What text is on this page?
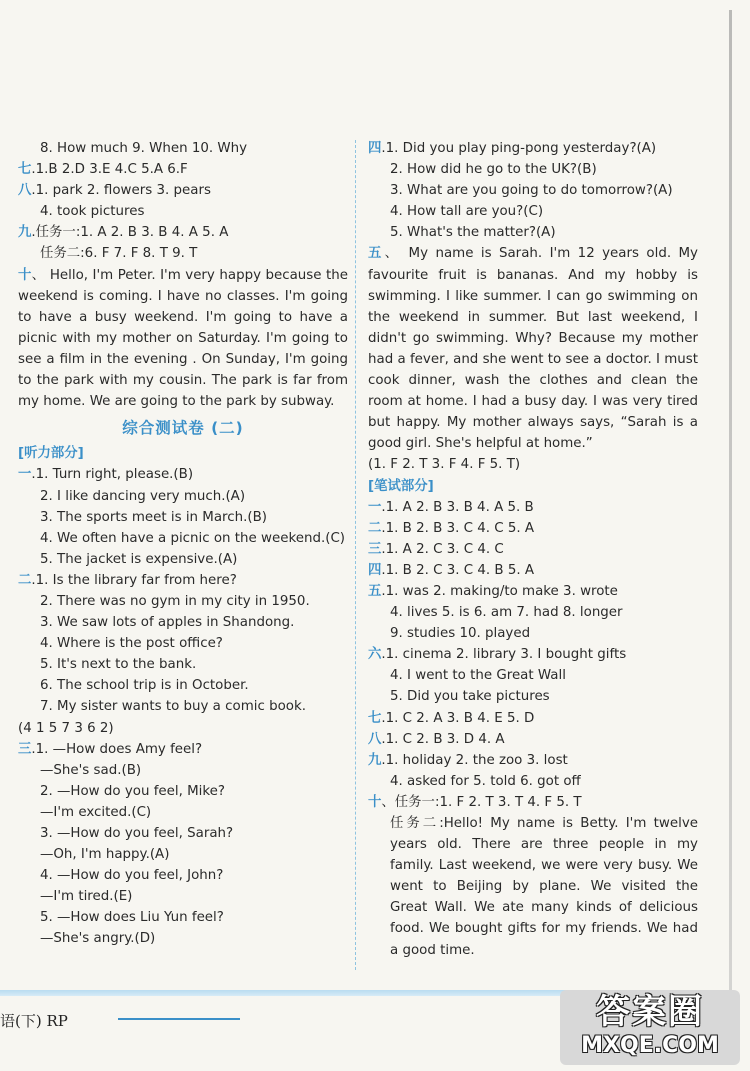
8. How much 9. When 10. Why
七.1.B 2.D 3.E 4.C 5.A 6.F
八.1. park 2. flowers 3. pears
4. took pictures
九.任务一:1. A 2. B 3. B 4. A 5. A
任务二:6. F 7. F 8. T 9. T
十、 Hello, I'm Peter. I'm very happy because the weekend is coming. I have no classes. I'm going to have a busy weekend. I'm going to have a picnic with my mother on Saturday. I'm going to see a film in the evening . On Sunday, I'm going to the park with my cousin. The park is far from my home. We are going to the park by subway.
综合测试卷 (二)
[听力部分]
一.1. Turn right, please.(B)
2. I like dancing very much.(A)
3. The sports meet is in March.(B)
4. We often have a picnic on the weekend.(C)
5. The jacket is expensive.(A)
二.1. Is the library far from here?
2. There was no gym in my city in 1950.
3. We saw lots of apples in Shandong.
4. Where is the post office?
5. It's next to the bank.
6. The school trip is in October.
7. My sister wants to buy a comic book.
(4 1 5 7 3 6 2)
三.1. —How does Amy feel?
—She's sad.(B)
2. —How do you feel, Mike?
—I'm excited.(C)
3. —How do you feel, Sarah?
—Oh, I'm happy.(A)
4. —How do you feel, John?
—I'm tired.(E)
5. —How does Liu Yun feel?
—She's angry.(D)
四.1. Did you play ping-pong yesterday?(A)
2. How did he go to the UK?(B)
3. What are you going to do tomorrow?(A)
4. How tall are you?(C)
5. What's the matter?(A)
五、 My name is Sarah. I'm 12 years old. My favourite fruit is bananas. And my hobby is swimming. I like summer. I can go swimming on the weekend in summer. But last weekend, I didn't go swimming. Why? Because my mother had a fever, and she went to see a doctor. I must cook dinner, wash the clothes and clean the room at home. I had a busy day. I was very tired but happy. My mother always says, “Sarah is a good girl. She's helpful at home.”
(1. F 2. T 3. F 4. F 5. T)
[笔试部分]
一.1. A 2. B 3. B 4. A 5. B
二.1. B 2. B 3. C 4. C 5. A
三.1. A 2. C 3. C 4. C
四.1. B 2. C 3. C 4. B 5. A
五.1. was 2. making/to make 3. wrote
4. lives 5. is 6. am 7. had 8. longer
9. studies 10. played
六.1. cinema 2. library 3. I bought gifts
4. I went to the Great Wall
5. Did you take pictures
七.1. C 2. A 3. B 4. E 5. D
八.1. C 2. B 3. D 4. A
九.1. holiday 2. the zoo 3. lost
4. asked for 5. told 6. got off
十、任务一:1. F 2. T 3. T 4. F 5. T
任务二:Hello! My name is Betty. I'm twelve years old. There are three people in my family. Last weekend, we were very busy. We went to Beijing by plane. We visited the Great Wall. We ate many kinds of delicious food. We bought gifts for my friends. We had a good time.
语(下) RP	答案圈
MXQE.COM
